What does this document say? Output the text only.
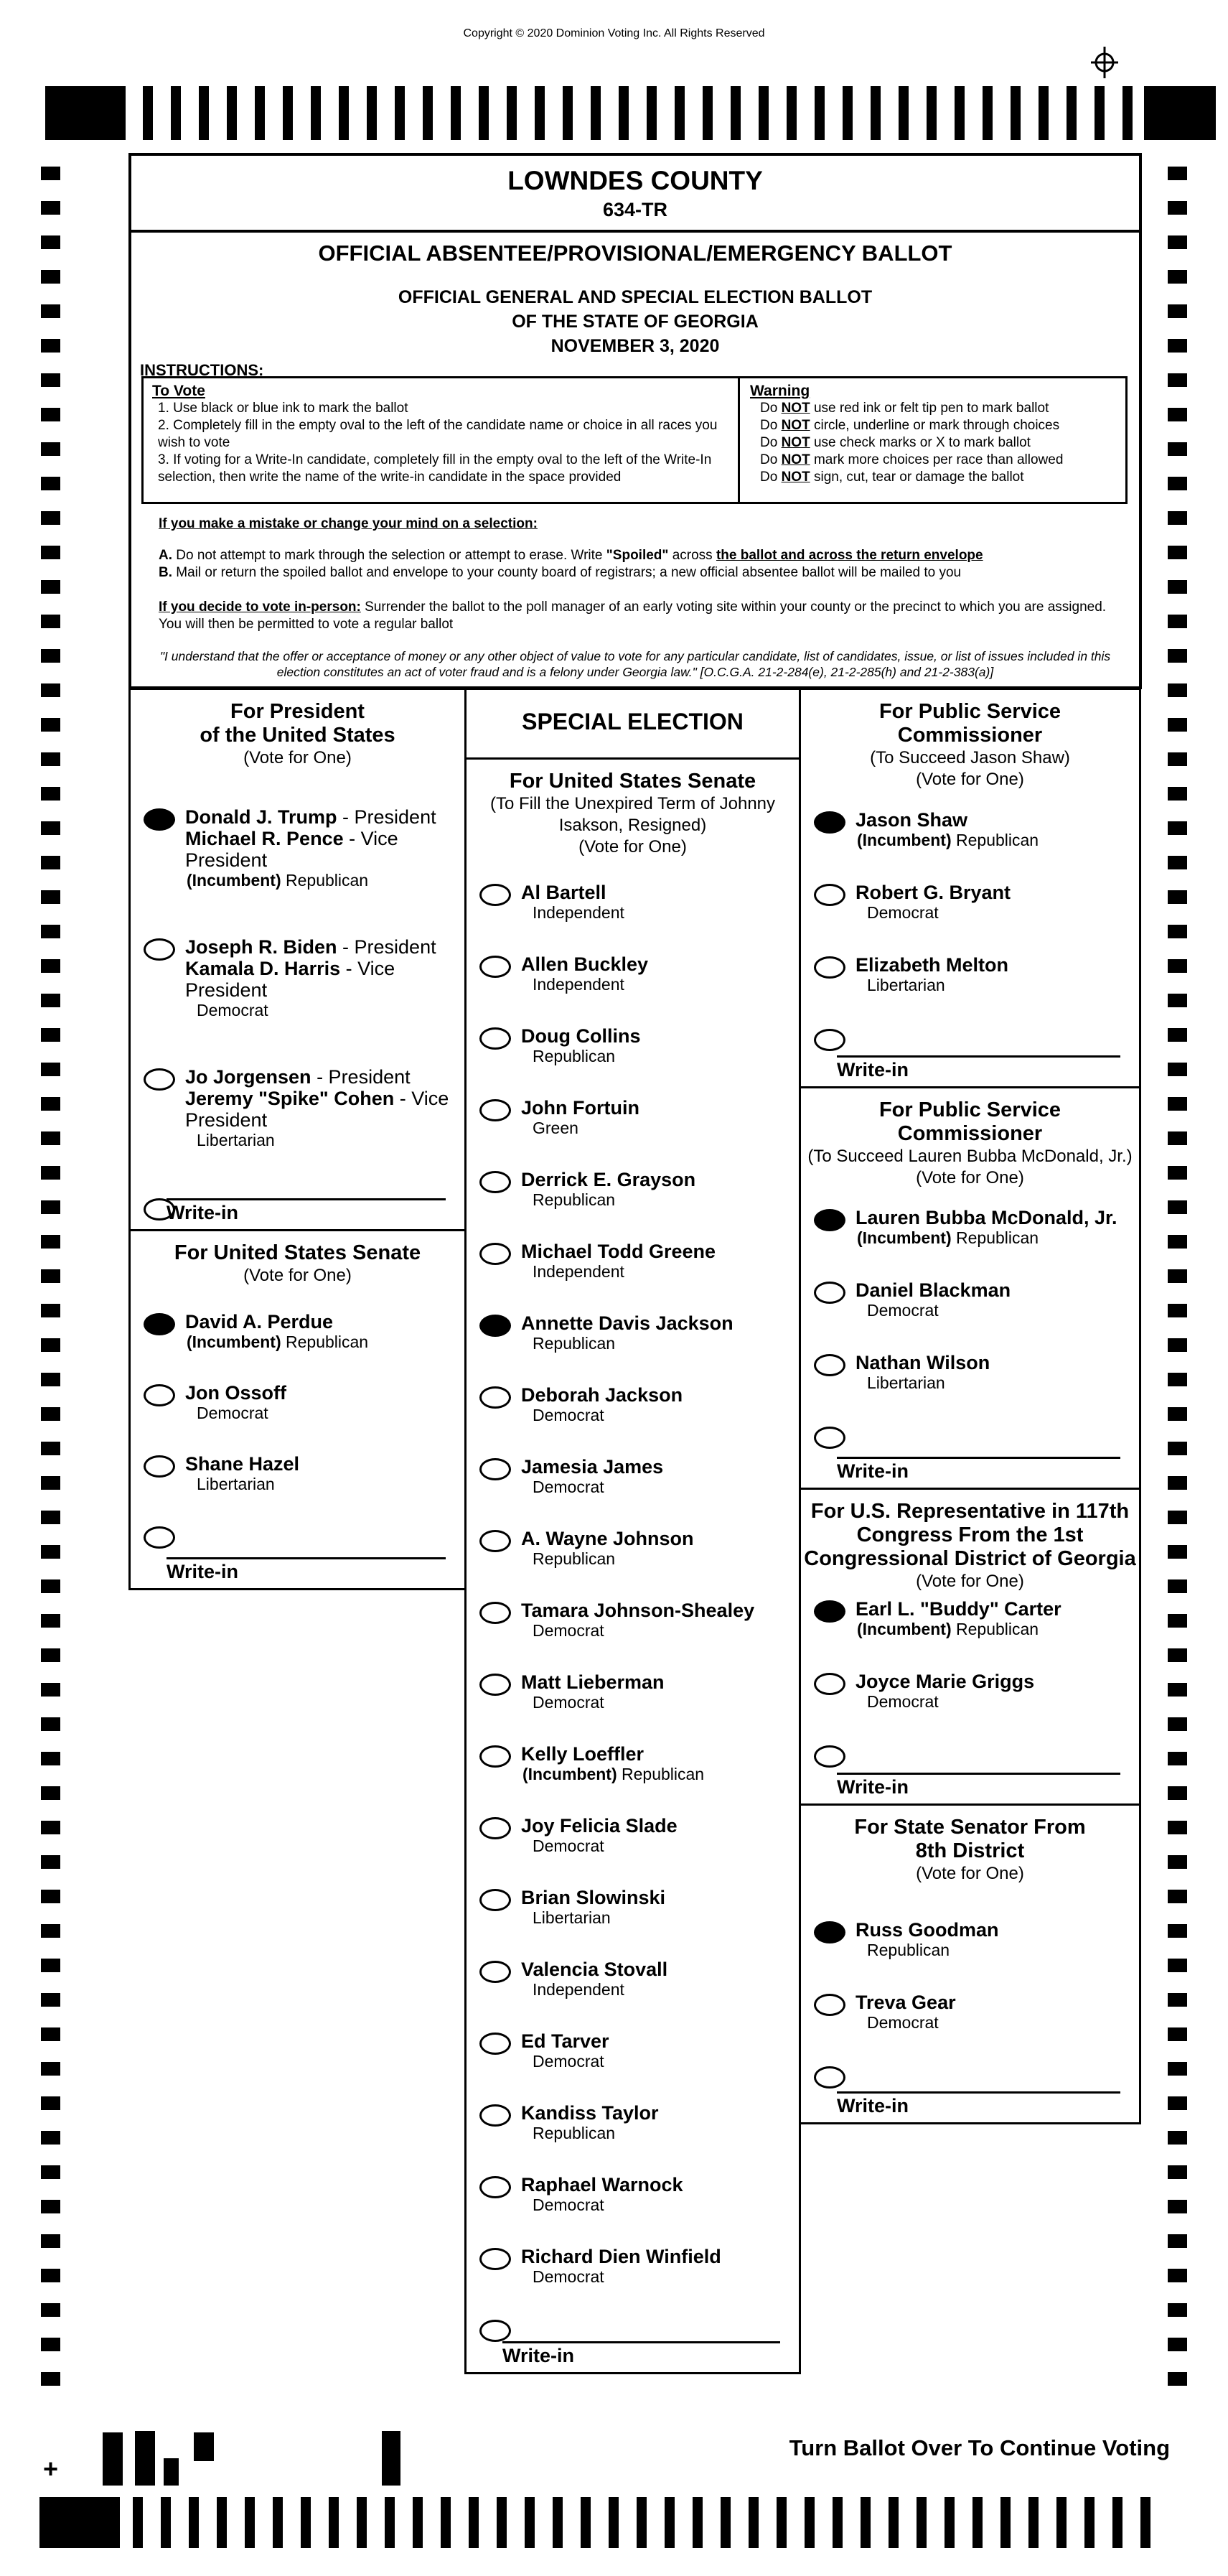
Copyright © 2020 Dominion Voting Inc. All Rights Reserved
LOWNDES COUNTY
634-TR
OFFICIAL ABSENTEE/PROVISIONAL/EMERGENCY BALLOT
OFFICIAL GENERAL AND SPECIAL ELECTION BALLOT
OF THE STATE OF GEORGIA
NOVEMBER 3, 2020
INSTRUCTIONS:
To Vote
1. Use black or blue ink to mark the ballot
2. Completely fill in the empty oval to the left of the candidate name or choice in all races you wish to vote
3. If voting for a Write-In candidate, completely fill in the empty oval to the left of the Write-In selection, then write the name of the write-in candidate in the space provided
Warning
Do NOT use red ink or felt tip pen to mark ballot
Do NOT circle, underline or mark through choices
Do NOT use check marks or X to mark ballot
Do NOT mark more choices per race than allowed
Do NOT sign, cut, tear or damage the ballot
If you make a mistake or change your mind on a selection:
A. Do not attempt to mark through the selection or attempt to erase. Write "Spoiled" across the ballot and across the return envelope
B. Mail or return the spoiled ballot and envelope to your county board of registrars; a new official absentee ballot will be mailed to you
If you decide to vote in-person: Surrender the ballot to the poll manager of an early voting site within your county or the precinct to which you are assigned. You will then be permitted to vote a regular ballot
"I understand that the offer or acceptance of money or any other object of value to vote for any particular candidate, list of candidates, issue, or list of issues included in this election constitutes an act of voter fraud and is a felony under Georgia law." [O.C.G.A. 21-2-284(e), 21-2-285(h) and 21-2-383(a)]
SPECIAL ELECTION
For President
of the United States
(Vote for One)
Donald J. Trump - President
Michael R. Pence - Vice President
(Incumbent) Republican
Joseph R. Biden - President
Kamala D. Harris - Vice President
Democrat
Jo Jorgensen - President
Jeremy "Spike" Cohen - Vice President
Libertarian
Write-in
For United States Senate
(Vote for One)
David A. Perdue
(Incumbent) Republican
Jon Ossoff
Democrat
Shane Hazel
Libertarian
Write-in
For United States Senate
(To Fill the Unexpired Term of Johnny
Isakson, Resigned)
(Vote for One)
Al Bartell
Independent
Allen Buckley
Independent
Doug Collins
Republican
John Fortuin
Green
Derrick E. Grayson
Republican
Michael Todd Greene
Independent
Annette Davis Jackson
Republican
Deborah Jackson
Democrat
Jamesia James
Democrat
A. Wayne Johnson
Republican
Tamara Johnson-Shealey
Democrat
Matt Lieberman
Democrat
Kelly Loeffler
(Incumbent) Republican
Joy Felicia Slade
Democrat
Brian Slowinski
Libertarian
Valencia Stovall
Independent
Ed Tarver
Democrat
Kandiss Taylor
Republican
Raphael Warnock
Democrat
Richard Dien Winfield
Democrat
Write-in
For Public Service
Commissioner
(To Succeed Jason Shaw)
(Vote for One)
Jason Shaw
(Incumbent) Republican
Robert G. Bryant
Democrat
Elizabeth Melton
Libertarian
Write-in
For Public Service
Commissioner
(To Succeed Lauren Bubba McDonald, Jr.)
(Vote for One)
Lauren Bubba McDonald, Jr.
(Incumbent) Republican
Daniel Blackman
Democrat
Nathan Wilson
Libertarian
Write-in
For U.S. Representative in 117th
Congress From the 1st
Congressional District of Georgia
(Vote for One)
Earl L. "Buddy" Carter
(Incumbent) Republican
Joyce Marie Griggs
Democrat
Write-in
For State Senator From
8th District
(Vote for One)
Russ Goodman
Republican
Treva Gear
Democrat
Write-in
Turn Ballot Over To Continue Voting
+
27
